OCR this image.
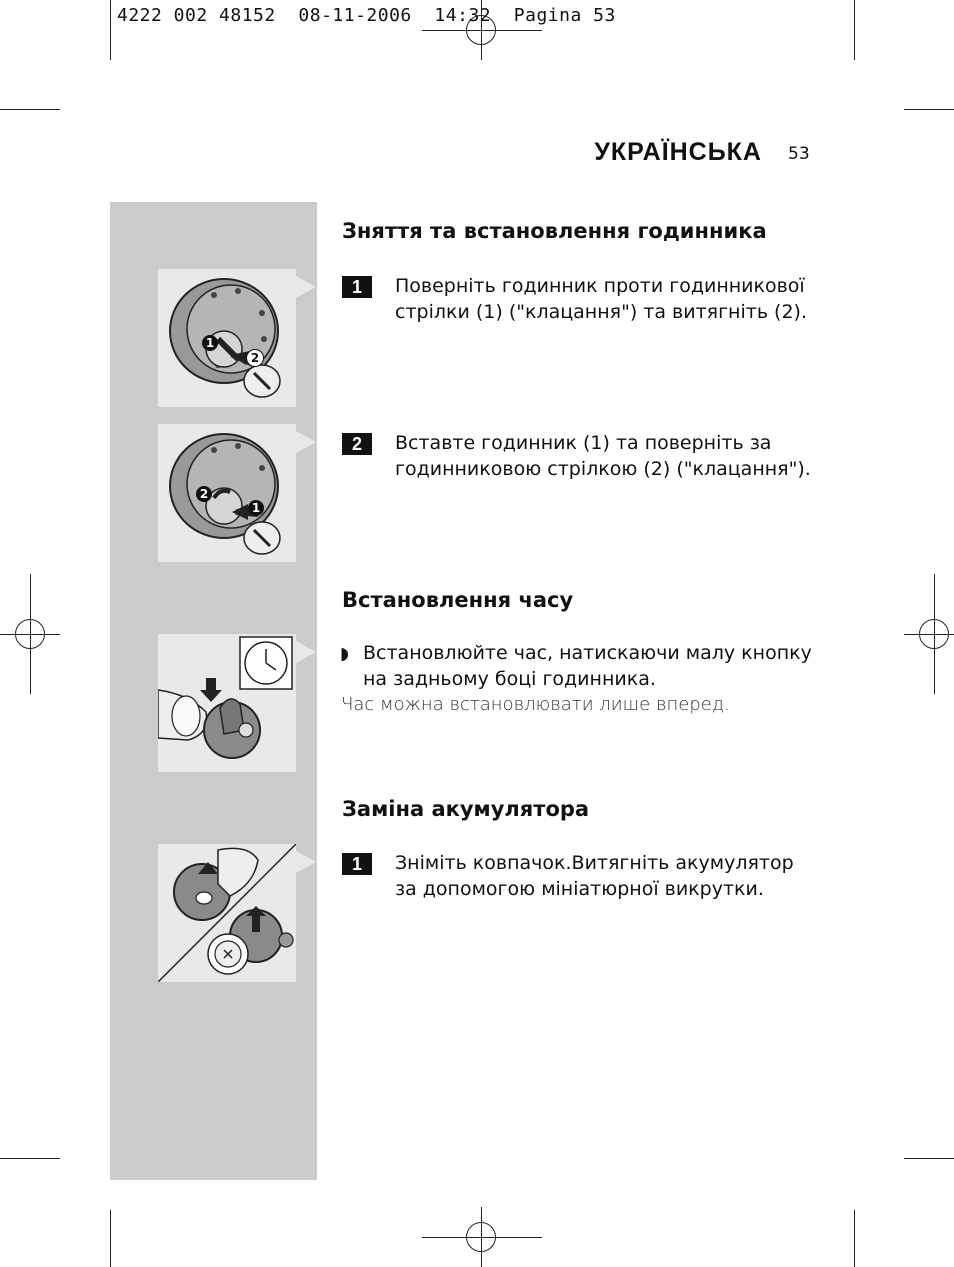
4222 002 48152  08-11-2006  14:32  Pagina 53
УКРАЇНСЬКА 53
1
2
2
1
Зняття та встановлення годинника
1	Поверніть годинник проти годинникової стрілки (1) ("клацання") та витягніть (2).
2	Вставте годинник (1) та поверніть за годинниковою стрілкою (2) ("клацання").
Встановлення часу
◗ Встановлюйте час, натискаючи малу кнопку на задньому боці годинника.
Час можна встановлювати лише вперед.
Заміна акумулятора
1	Зніміть ковпачок.Витягніть акумулятор за допомогою мініатюрної викрутки.
